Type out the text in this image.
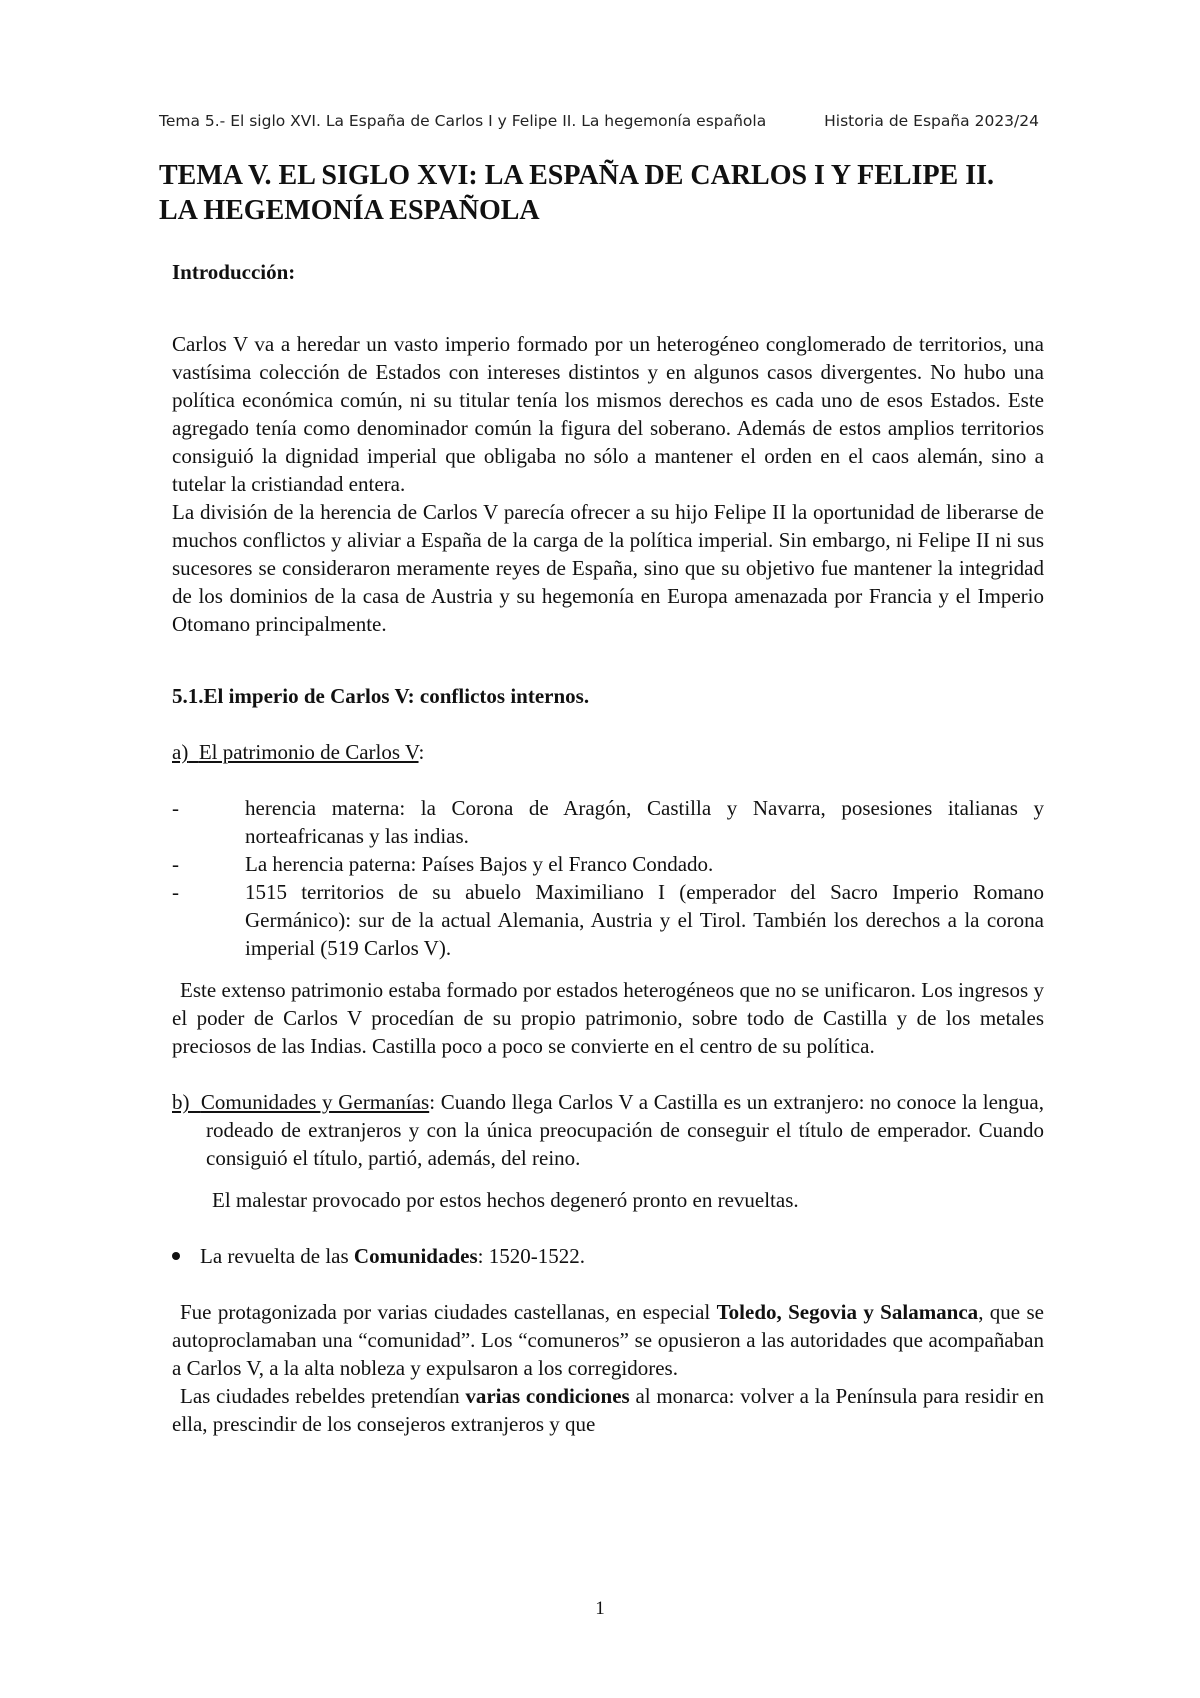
Tema 5.- El siglo XVI. La España de Carlos I y Felipe II. La hegemonía española	Historia de España 2023/24
TEMA V. EL SIGLO XVI: LA ESPAÑA DE CARLOS I Y FELIPE II.
LA HEGEMONÍA ESPAÑOLA

Introducción:

Carlos V va a heredar un vasto imperio formado por un heterogéneo conglomerado de territorios, una vastísima colección de Estados con intereses distintos y en algunos casos divergentes. No hubo una política económica común, ni su titular tenía los mismos derechos es cada uno de esos Estados. Este agregado tenía como denominador común la figura del soberano. Además de estos amplios territorios consiguió la dignidad imperial que obligaba no sólo a mantener el orden en el caos alemán, sino a tutelar la cristiandad entera.

La división de la herencia de Carlos V parecía ofrecer a su hijo Felipe II la oportunidad de liberarse de muchos conflictos y aliviar a España de la carga de la política imperial. Sin embargo, ni Felipe II ni sus sucesores se consideraron meramente reyes de España, sino que su objetivo fue mantener la integridad de los dominios de la casa de Austria y su hegemonía en Europa amenazada por Francia y el Imperio Otomano principalmente.

5.1.El imperio de Carlos V: conflictos internos.

a) El patrimonio de Carlos V:

-	herencia materna: la Corona de Aragón, Castilla y Navarra, posesiones italianas y norteafricanas y las indias.
-	La herencia paterna: Países Bajos y el Franco Condado.
-	1515 territorios de su abuelo Maximiliano I (emperador del Sacro Imperio Romano Germánico): sur de la actual Alemania, Austria y el Tirol. También los derechos a la corona imperial (519 Carlos V).

Este extenso patrimonio estaba formado por estados heterogéneos que no se unificaron. Los ingresos y el poder de Carlos V procedían de su propio patrimonio, sobre todo de Castilla y de los metales preciosos de las Indias. Castilla poco a poco se convierte en el centro de su política.

b) Comunidades y Germanías: Cuando llega Carlos V a Castilla es un extranjero: no conoce la lengua, rodeado de extranjeros y con la única preocupación de conseguir el título de emperador. Cuando consiguió el título, partió, además, del reino.

El malestar provocado por estos hechos degeneró pronto en revueltas.

La revuelta de las Comunidades: 1520-1522.

Fue protagonizada por varias ciudades castellanas, en especial Toledo, Segovia y Salamanca, que se autoproclamaban una “comunidad”. Los “comuneros” se opusieron a las autoridades que acompañaban a Carlos V, a la alta nobleza y expulsaron a los corregidores.

Las ciudades rebeldes pretendían varias condiciones al monarca: volver a la Península para residir en ella, prescindir de los consejeros extranjeros y que

1
